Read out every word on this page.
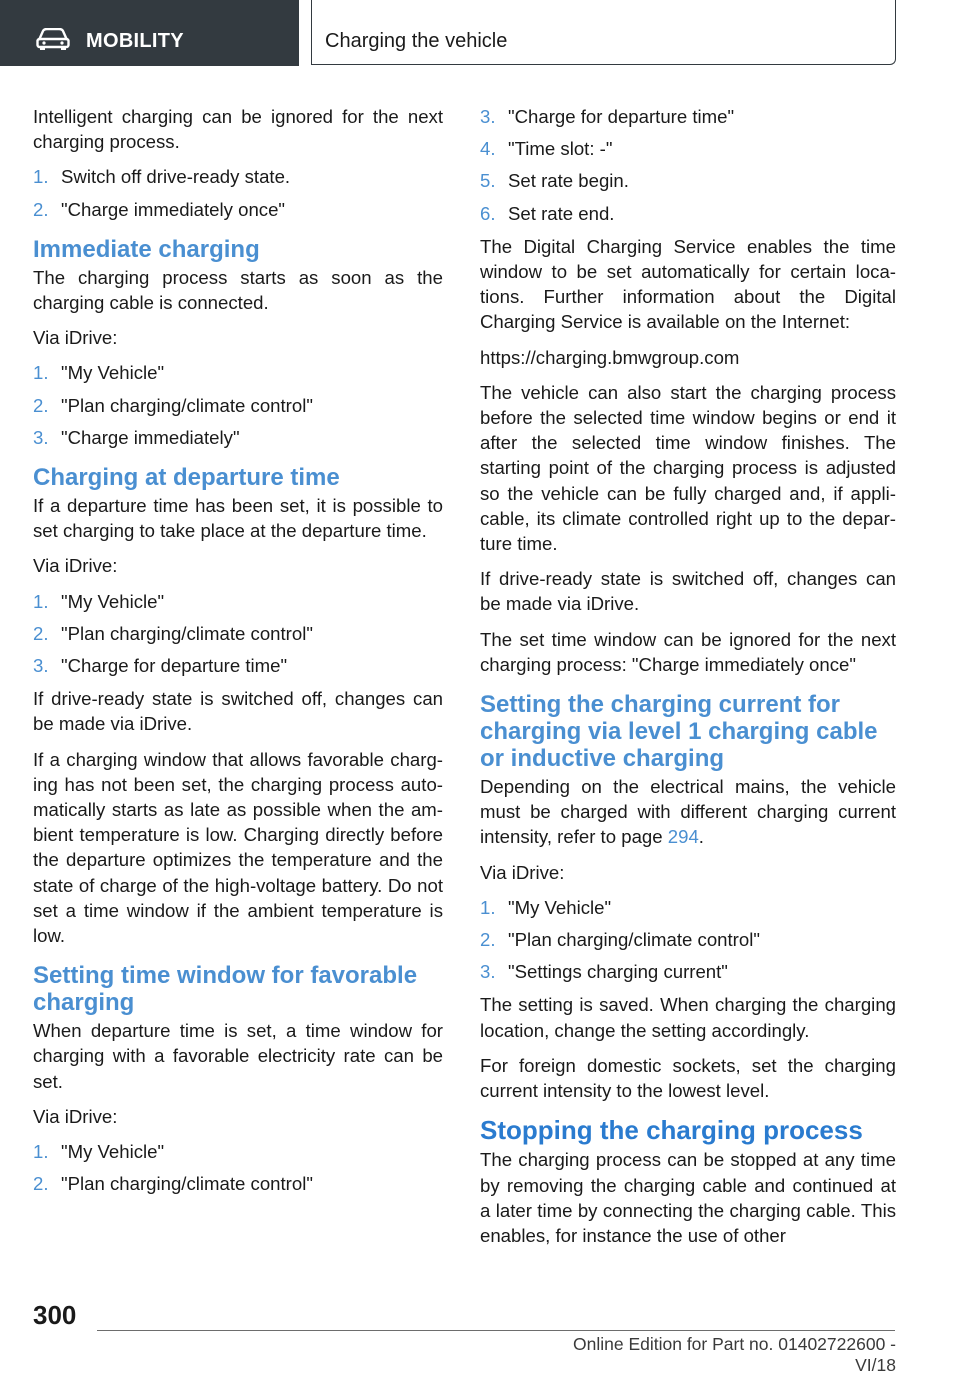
MOBILITY	Charging the vehicle

Intelligent charging can be ignored for the next charging process.

1. Switch off drive-ready state.
2. "Charge immediately once"
Immediate charging

The charging process starts as soon as the charging cable is connected.

Via iDrive:

1. "My Vehicle"
2. "Plan charging/climate control"
3. "Charge immediately"
Charging at departure time

If a departure time has been set, it is possible to set charging to take place at the departure time.

Via iDrive:

1. "My Vehicle"
2. "Plan charging/climate control"
3. "Charge for departure time"

If drive-ready state is switched off, changes can be made via iDrive.

If a charging window that allows favorable charging has not been set, the charging process automatically starts as late as possible when the ambient temperature is low. Charging directly before the departure optimizes the temperature and the state of charge of the high-voltage battery. Do not set a time window if the ambient temperature is low.

Setting time window for favorable charging

When departure time is set, a time window for charging with a favorable electricity rate can be set.

Via iDrive:

1. "My Vehicle"
2. "Plan charging/climate control"
3. "Charge for departure time"
4. "Time slot: -"
5. Set rate begin.
6. Set rate end.

The Digital Charging Service enables the time window to be set automatically for certain locations. Further information about the Digital Charging Service is available on the Internet:

https://charging.bmwgroup.com

The vehicle can also start the charging process before the selected time window begins or end it after the selected time window finishes. The starting point of the charging process is adjusted so the vehicle can be fully charged and, if applicable, its climate controlled right up to the departure time.

If drive-ready state is switched off, changes can be made via iDrive.

The set time window can be ignored for the next charging process: "Charge immediately once"

Setting the charging current for charging via level 1 charging cable or inductive charging

Depending on the electrical mains, the vehicle must be charged with different charging current intensity, refer to page 294.

Via iDrive:

1. "My Vehicle"
2. "Plan charging/climate control"
3. "Settings charging current"

The setting is saved. When charging the charging location, change the setting accordingly.

For foreign domestic sockets, set the charging current intensity to the lowest level.

Stopping the charging process

The charging process can be stopped at any time by removing the charging cable and continued at a later time by connecting the charging cable. This enables, for instance the use of other

300
Online Edition for Part no. 01402722600 - VI/18
